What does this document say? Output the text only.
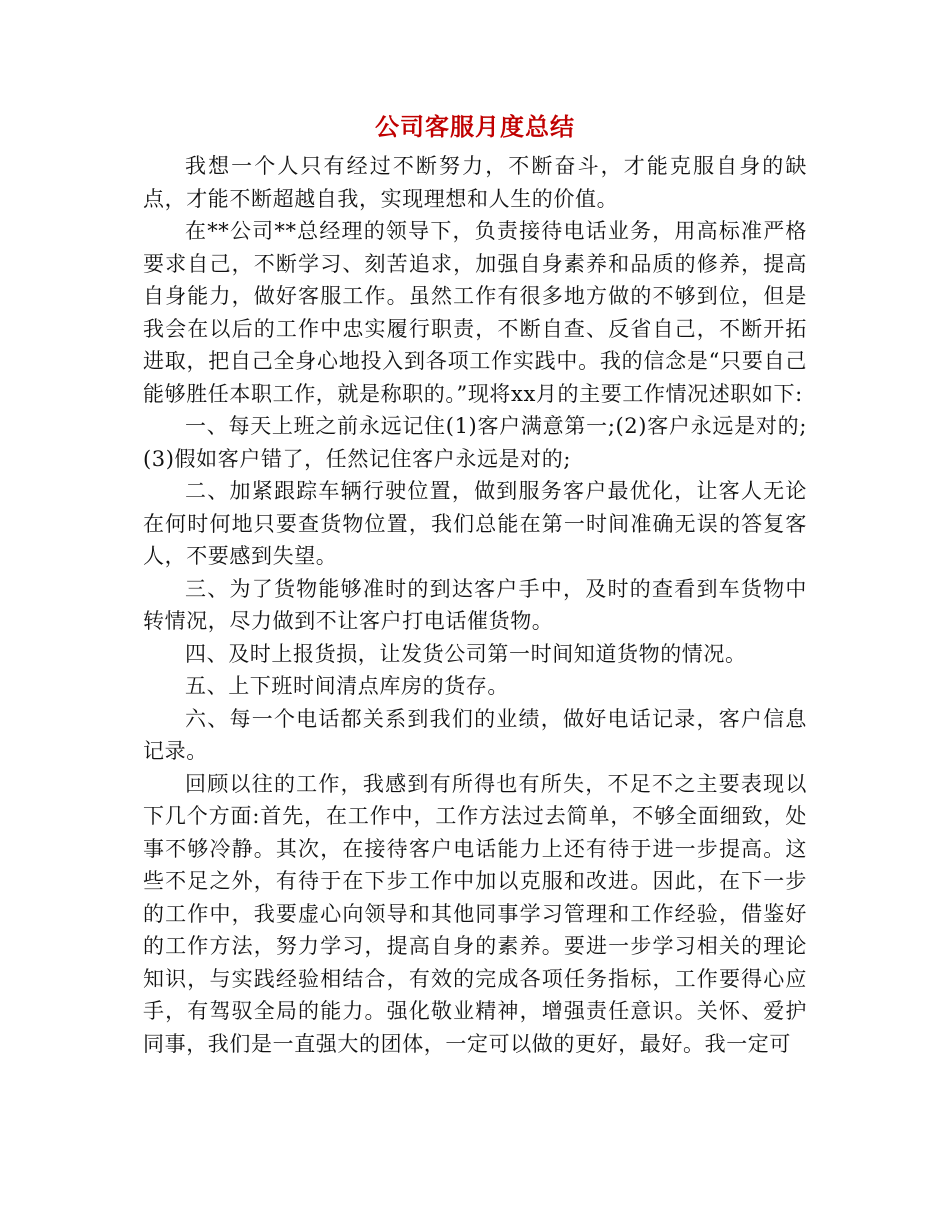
公司客服月度总结

我想一个人只有经过不断努力，不断奋斗，才能克服自身的缺点，才能不断超越自我，实现理想和人生的价值。

在**公司**总经理的领导下，负责接待电话业务，用高标准严格要求自己，不断学习、刻苦追求，加强自身素养和品质的修养，提高自身能力，做好客服工作。虽然工作有很多地方做的不够到位，但是我会在以后的工作中忠实履行职责，不断自查、反省自己，不断开拓进取，把自己全身心地投入到各项工作实践中。我的信念是“只要自己能够胜任本职工作，就是称职的。”现将xx月的主要工作情况述职如下:

一、每天上班之前永远记住(1)客户满意第一;(2)客户永远是对的;(3)假如客户错了，任然记住客户永远是对的;

二、加紧跟踪车辆行驶位置，做到服务客户最优化，让客人无论在何时何地只要查货物位置，我们总能在第一时间准确无误的答复客人，不要感到失望。

三、为了货物能够准时的到达客户手中，及时的查看到车货物中转情况，尽力做到不让客户打电话催货物。

四、及时上报货损，让发货公司第一时间知道货物的情况。

五、上下班时间清点库房的货存。

六、每一个电话都关系到我们的业绩，做好电话记录，客户信息记录。

回顾以往的工作，我感到有所得也有所失，不足不之主要表现以下几个方面:首先，在工作中，工作方法过去简单，不够全面细致，处事不够冷静。其次，在接待客户电话能力上还有待于进一步提高。这些不足之外，有待于在下步工作中加以克服和改进。因此，在下一步的工作中，我要虚心向领导和其他同事学习管理和工作经验，借鉴好的工作方法，努力学习，提高自身的素养。要进一步学习相关的理论知识，与实践经验相结合，有效的完成各项任务指标，工作要得心应手，有驾驭全局的能力。强化敬业精神，增强责任意识。关怀、爱护同事，我们是一直强大的团体，一定可以做的更好，最好。我一定可
